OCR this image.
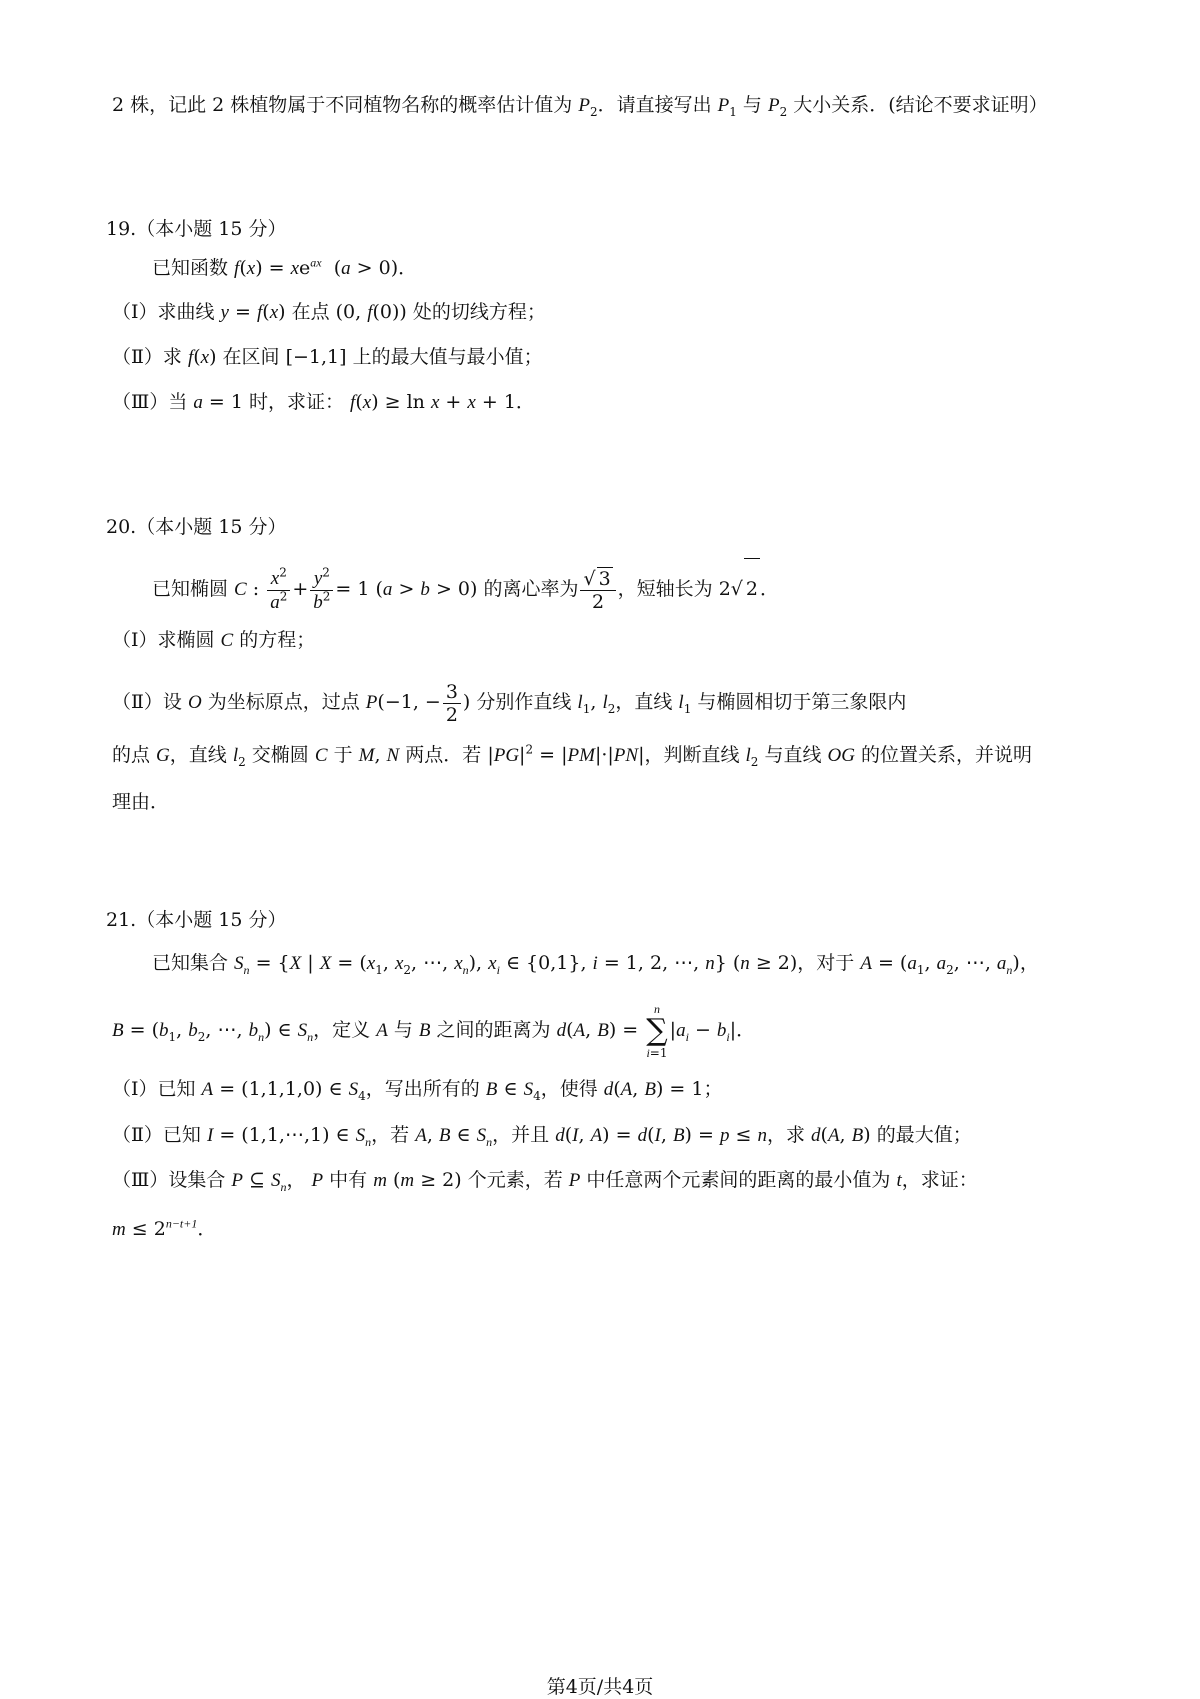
2 株，记此 2 株植物属于不同植物名称的概率估计值为 $P_2$．请直接写出 $P_1$ 与 $P_2$ 大小关系．(结论不要求证明）
19.（本小题 15 分）
已知函数 $f(x) = xe^{ax}$  (a > 0)．
（Ⅰ）求曲线 y = f(x) 在点 (0, f(0)) 处的切线方程；
（Ⅱ）求 f(x) 在区间 [−1,1] 上的最大值与最小值；
（Ⅲ）当 a = 1 时，求证： f(x) ≥ ln x + x + 1．
20.（本小题 15 分）
已知椭圆 C : $\frac{x^2}{a^2} + \frac{y^2}{b^2} = 1$ (a > b > 0) 的离心率为 $\frac{√ 3}{2}$ ，短轴长为 2√ 2 ．
（Ⅰ）求椭圆 C 的方程；
（Ⅱ）设 O 为坐标原点，过点 P(−1, − $\frac{3}{2}$ ) 分别作直线 $l_1$, $l_2$，直线 $l_1$ 与椭圆相切于第三象限内
的点 G，直线 $l_2$ 交椭圆 C 于 M, N 两点．若 $|PG|^2 = |PM|\cdot|PN|$，判断直线 $l_2$ 与直线 OG 的位置关系，并说明
理由．
21.（本小题 15 分）
已知集合 $S_n = \{X$ | $X = (x_1$, $x_2$, ⋯, $x_n$), $x_i$ ∈ {0,1}, i = 1, 2, ⋯, n} (n ≥ 2)，对于 $A = (a_1$, $a_2$, ⋯, $a_n$)，
$B = (b_1$, $b_2$, ⋯, $b_n$) ∈ $S_n$，定义 A 与 B 之间的距离为 d(A, B) = n
∑
$i=1|a_i - b_i|$．
（Ⅰ）已知 A = (1,1,1,0) ∈ $S_4$，写出所有的 B ∈ $S_4$，使得 d(A, B) = 1；
（Ⅱ）已知 I = (1,1,⋯,1) ∈ $S_n$，若 A, B ∈ $S_n$，并且 d(I, A) = d(I, B) = p ≤ n，求 d(A, B) 的最大值；
（Ⅲ）设集合 P ⊆ $S_n$， P 中有 m (m ≥ 2) 个元素，若 P 中任意两个元素间的距离的最小值为 t，求证：
$m \le 2^{n-t+1}$．
第4页/共4页
